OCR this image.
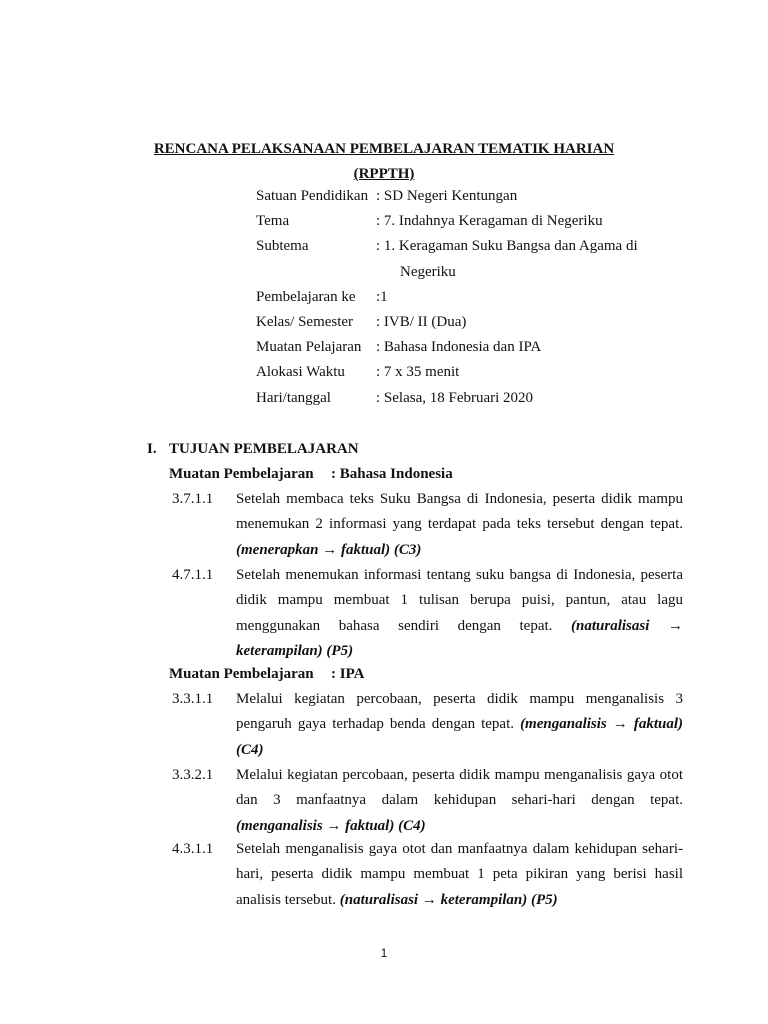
RENCANA PELAKSANAAN PEMBELAJARAN TEMATIK HARIAN
(RPPTH)
Satuan Pendidikan : SD Negeri Kentungan
Tema	: 7. Indahnya Keragaman di Negeriku
Subtema	: 1. Keragaman Suku Bangsa dan Agama di
Negeriku
Pembelajaran ke	:1
Kelas/ Semester	: IVB/ II (Dua)
Muatan Pelajaran : Bahasa Indonesia dan IPA
Alokasi Waktu	: 7 x 35 menit
Hari/tanggal	: Selasa, 18 Februari 2020
I. TUJUAN PEMBELAJARAN
Muatan Pembelajaran : Bahasa Indonesia
3.7.1.1 Setelah membaca teks Suku Bangsa di Indonesia, peserta didik mampu menemukan 2 informasi yang terdapat pada teks tersebut dengan tepat. (menerapkan → faktual) (C3)
4.7.1.1 Setelah menemukan informasi tentang suku bangsa di Indonesia, peserta didik mampu membuat 1 tulisan berupa puisi, pantun, atau lagu menggunakan bahasa sendiri dengan tepat. (naturalisasi → keterampilan) (P5)
Muatan Pembelajaran : IPA
3.3.1.1 Melalui kegiatan percobaan, peserta didik mampu menganalisis 3 pengaruh gaya terhadap benda dengan tepat. (menganalisis → faktual) (C4)
3.3.2.1 Melalui kegiatan percobaan, peserta didik mampu menganalisis gaya otot dan 3 manfaatnya dalam kehidupan sehari-hari dengan tepat. (menganalisis → faktual) (C4)
4.3.1.1 Setelah menganalisis gaya otot dan manfaatnya dalam kehidupan sehari-hari, peserta didik mampu membuat 1 peta pikiran yang berisi hasil analisis tersebut. (naturalisasi → keterampilan) (P5)
1
